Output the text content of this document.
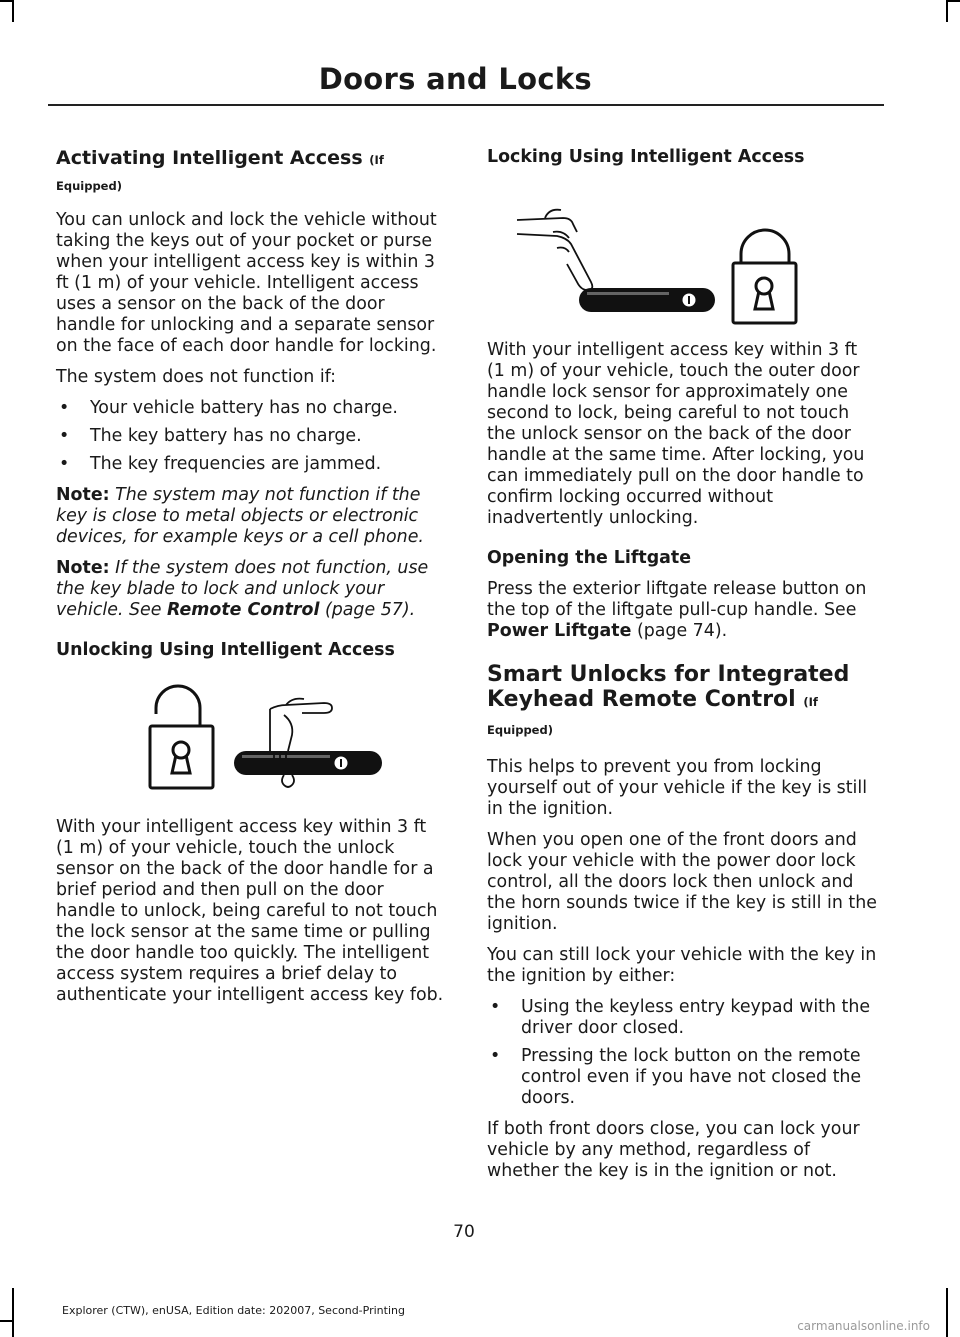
Doors and Locks
Activating Intelligent Access (If Equipped)

You can unlock and lock the vehicle without taking the keys out of your pocket or purse when your intelligent access key is within 3 ft (1 m) of your vehicle. Intelligent access uses a sensor on the back of the door handle for unlocking and a separate sensor on the face of each door handle for locking.

The system does not function if:

• Your vehicle battery has no charge.
• The key battery has no charge.
• The key frequencies are jammed.

Note: The system may not function if the key is close to metal objects or electronic devices, for example keys or a cell phone.

Note: If the system does not function, use the key blade to lock and unlock your vehicle. See Remote Control (page 57).

Unlocking Using Intelligent Access

With your intelligent access key within 3 ft (1 m) of your vehicle, touch the unlock sensor on the back of the door handle for a brief period and then pull on the door handle to unlock, being careful to not touch the lock sensor at the same time or pulling the door handle too quickly. The intelligent access system requires a brief delay to authenticate your intelligent access key fob.

Locking Using Intelligent Access

With your intelligent access key within 3 ft (1 m) of your vehicle, touch the outer door handle lock sensor for approximately one second to lock, being careful to not touch the unlock sensor on the back of the door handle at the same time. After locking, you can immediately pull on the door handle to confirm locking occurred without inadvertently unlocking.

Opening the Liftgate

Press the exterior liftgate release button on the top of the liftgate pull-cup handle. See Power Liftgate (page 74).

Smart Unlocks for Integrated
Keyhead Remote Control (If Equipped)

This helps to prevent you from locking yourself out of your vehicle if the key is still in the ignition.

When you open one of the front doors and lock your vehicle with the power door lock control, all the doors lock then unlock and the horn sounds twice if the key is still in the ignition.

You can still lock your vehicle with the key in the ignition by either:

• Using the keyless entry keypad with the driver door closed.
• Pressing the lock button on the remote control even if you have not closed the doors.

If both front doors close, you can lock your vehicle by any method, regardless of whether the key is in the ignition or not.

70
Explorer (CTW), enUSA, Edition date: 202007, Second-Printing
carmanualsonline.info
